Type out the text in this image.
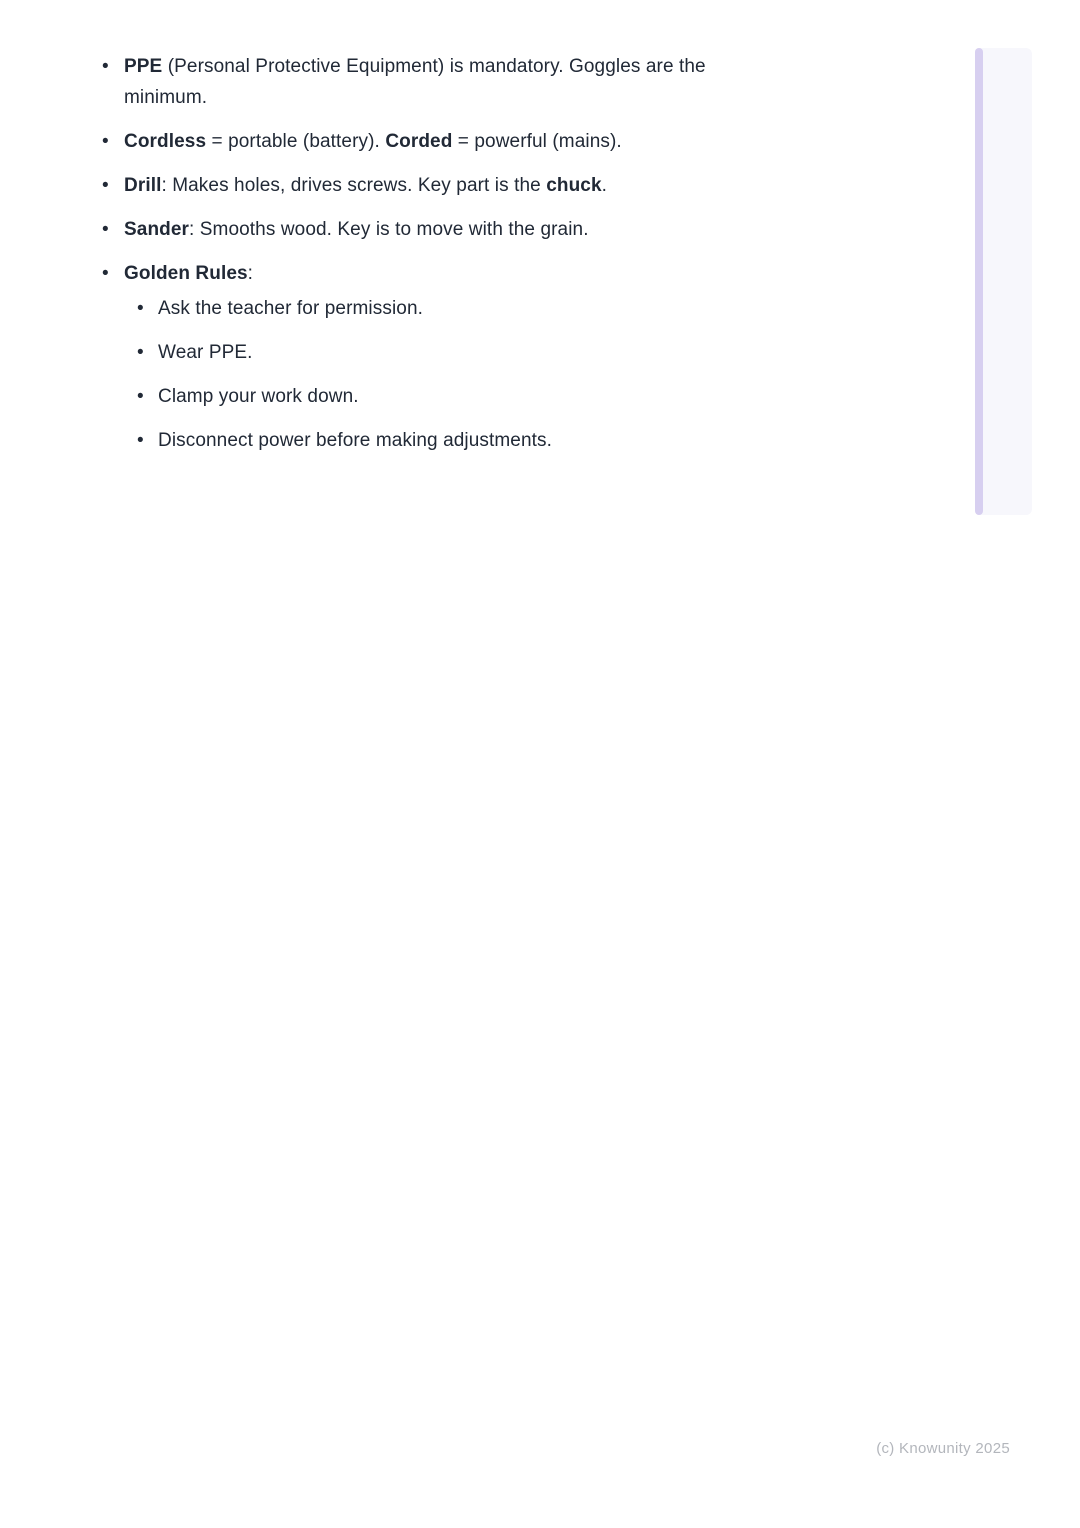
• PPE (Personal Protective Equipment) is mandatory. Goggles are the minimum.
• Cordless = portable (battery). Corded = powerful (mains).
• Drill: Makes holes, drives screws. Key part is the chuck.
• Sander: Smooths wood. Key is to move with the grain.
• Golden Rules:
• Ask the teacher for permission.
• Wear PPE.
• Clamp your work down.
• Disconnect power before making adjustments.
(c) Knowunity 2025
